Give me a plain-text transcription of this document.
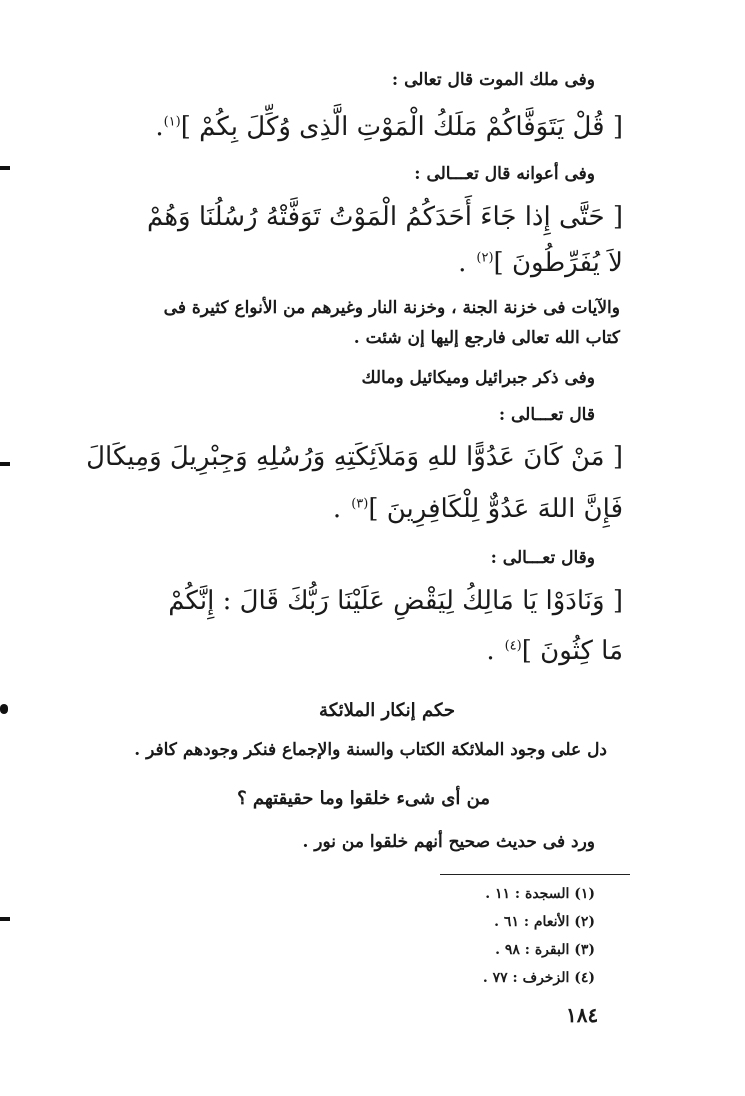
وفى ملك الموت قال تعالى :
[ قُلْ يَتَوَفَّاكُمْ مَلَكُ الْمَوْتِ الَّذِى وُكِّلَ بِكُمْ ]$^{(١)}$.
وفى أعوانه قال تعـــالى :
[ حَتَّى إِذا جَاءَ أَحَدَكُمُ الْمَوْتُ تَوَفَّتْهُ رُسُلُنَا وَهُمْ
لاَ يُفَرِّطُونَ ]$^{(٢)}$.
والآيات فى خزنة الجنة ، وخزنة النار وغيرهم من الأنواع كثيرة فى
كتاب الله تعالى فارجع إليها إن شئت .
وفى ذكر جبرائيل وميكائيل ومالك
قال تعـــالى :
[ مَنْ كَانَ عَدُوًّا للهِ وَمَلاَئِكَتِهِ وَرُسُلِهِ وَجِبْرِيلَ وَمِيكَالَ
فَإِنَّ اللهَ عَدُوٌّ لِلْكَافِرِينَ ]$^{(٣)}$.
وقال تعـــالى :
[ وَنَادَوْا يَا مَالِكُ لِيَقْضِ عَلَيْنَا رَبُّكَ قَالَ : إِنَّكُمْ
مَا كِثُونَ ]$^{(٤)}$.
حكم إنكار الملائكة
دل على وجود الملائكة الكتاب والسنة والإجماع فنكر وجودهم كافر .
من أى شىء خلقوا وما حقيقتهم ؟
ورد فى حديث صحيح أنهم خلقوا من نور .
(١) السجدة : ١١ .
(٢) الأنعام : ٦١ .
(٣) البقرة : ٩٨ .
(٤) الزخرف : ٧٧ .
١٨٤
